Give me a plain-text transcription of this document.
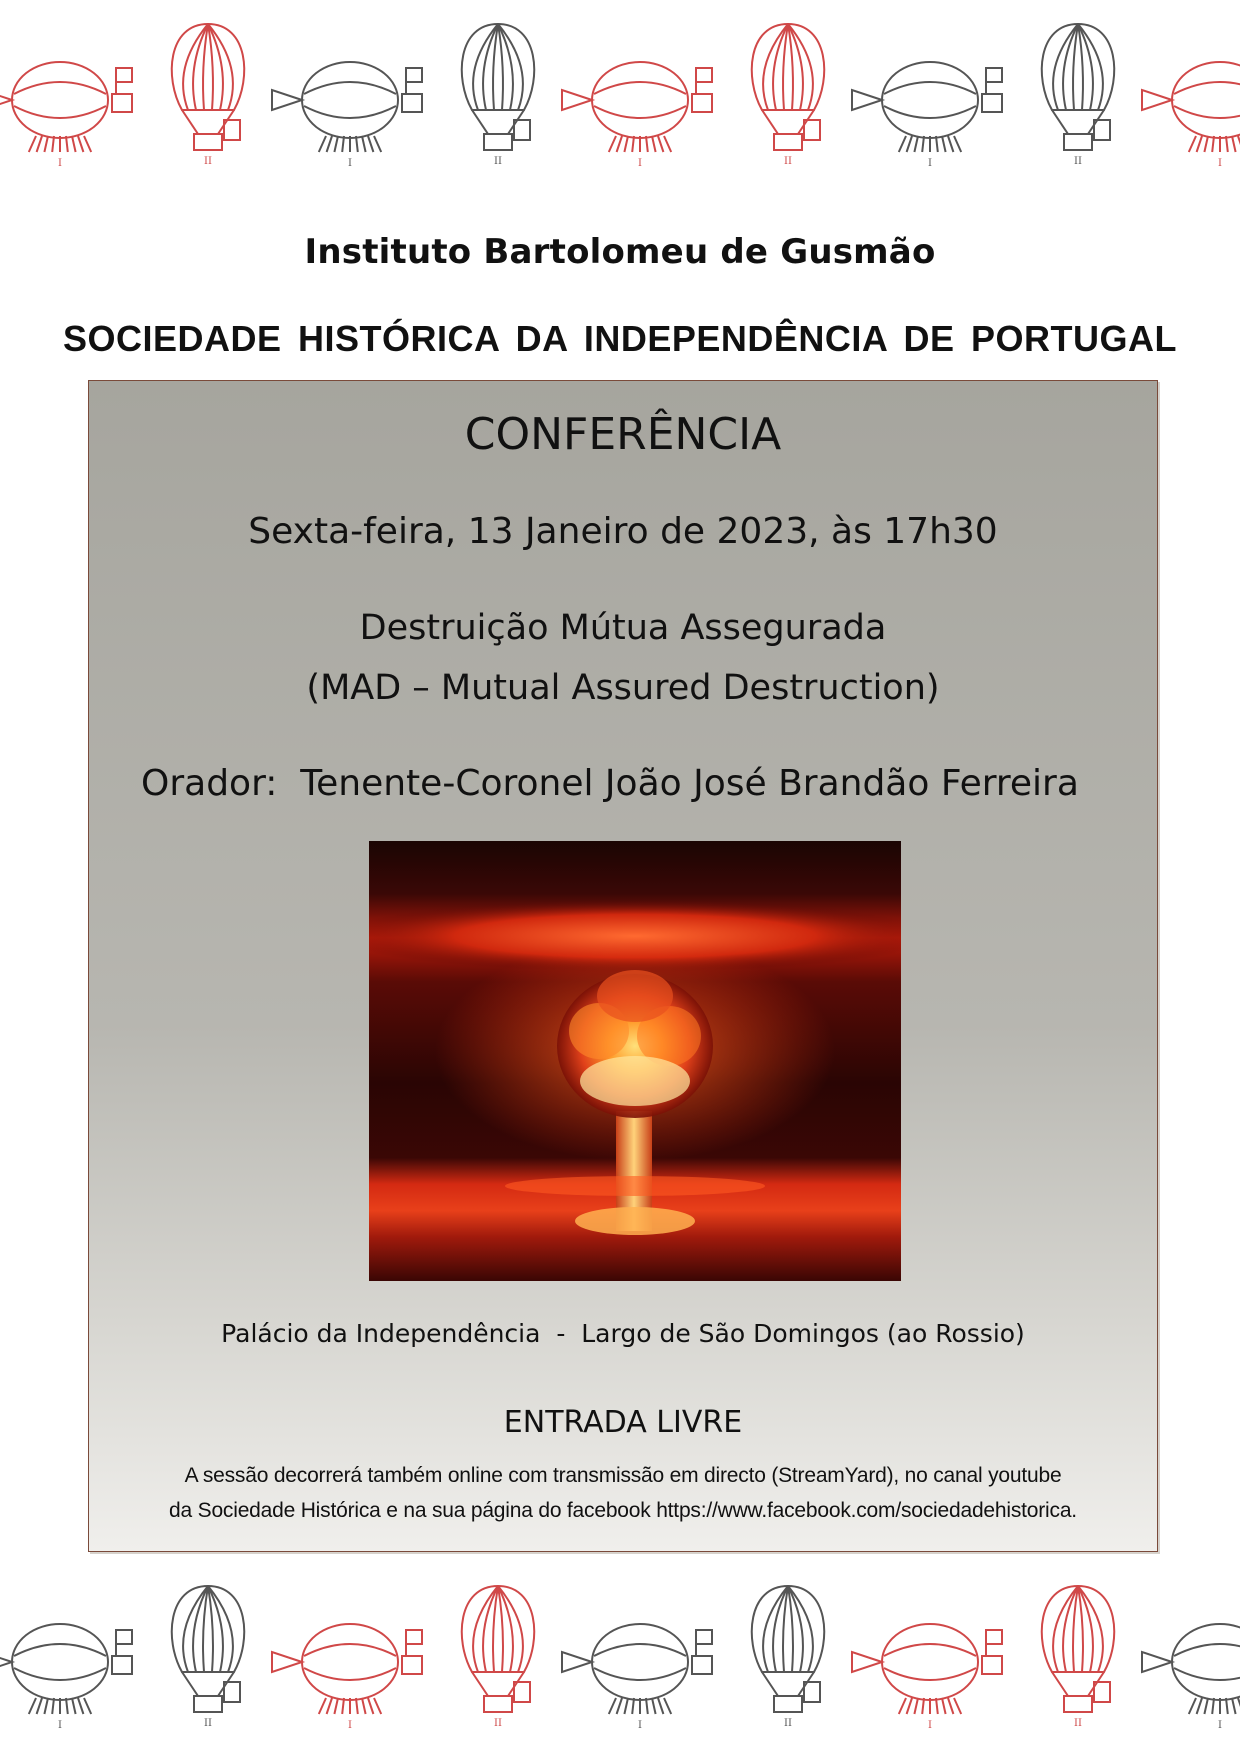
I	II	I	II	I	II	I	II	I
Instituto Bartolomeu de Gusmão
SOCIEDADE HISTÓRICA DA INDEPENDÊNCIA DE PORTUGAL
CONFERÊNCIA
Sexta-feira, 13 Janeiro de 2023, às 17h30
Destruição Mútua Assegurada
(MAD – Mutual Assured Destruction)
Orador:  Tenente-Coronel João José Brandão Ferreira
Palácio da Independência  -  Largo de São Domingos (ao Rossio)
ENTRADA LIVRE
A sessão decorrerá também online com transmissão em directo (StreamYard), no canal youtube
da Sociedade Histórica e na sua página do facebook https://www.facebook.com/sociedadehistorica.
I	II	I	II	I	II	I	II	I
